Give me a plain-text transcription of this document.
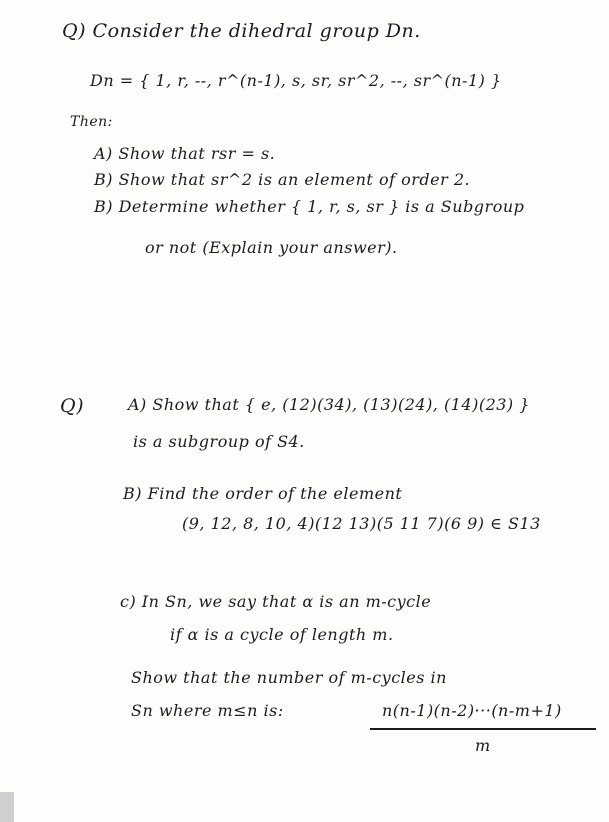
Q) Consider the dihedral group Dn.
Dn = { 1, r, --, r^(n-1), s, sr, sr^2, --, sr^(n-1) }
Then:
A) Show that rsr = s.
B) Show that sr^2 is an element of order 2.
B) Determine whether { 1, r, s, sr } is a Subgroup
or not (Explain your answer).
Q)	A) Show that { e, (12)(34), (13)(24), (14)(23) }
is a subgroup of S4.
B) Find the order of the element
(9, 12, 8, 10, 4)(12 13)(5 11 7)(6 9) ∈ S13
c) In Sn, we say that α is an m-cycle
if α is a cycle of length m.
Show that the number of m-cycles in
Sn where m≤n is:	n(n-1)(n-2)···(n-m+1)
m
